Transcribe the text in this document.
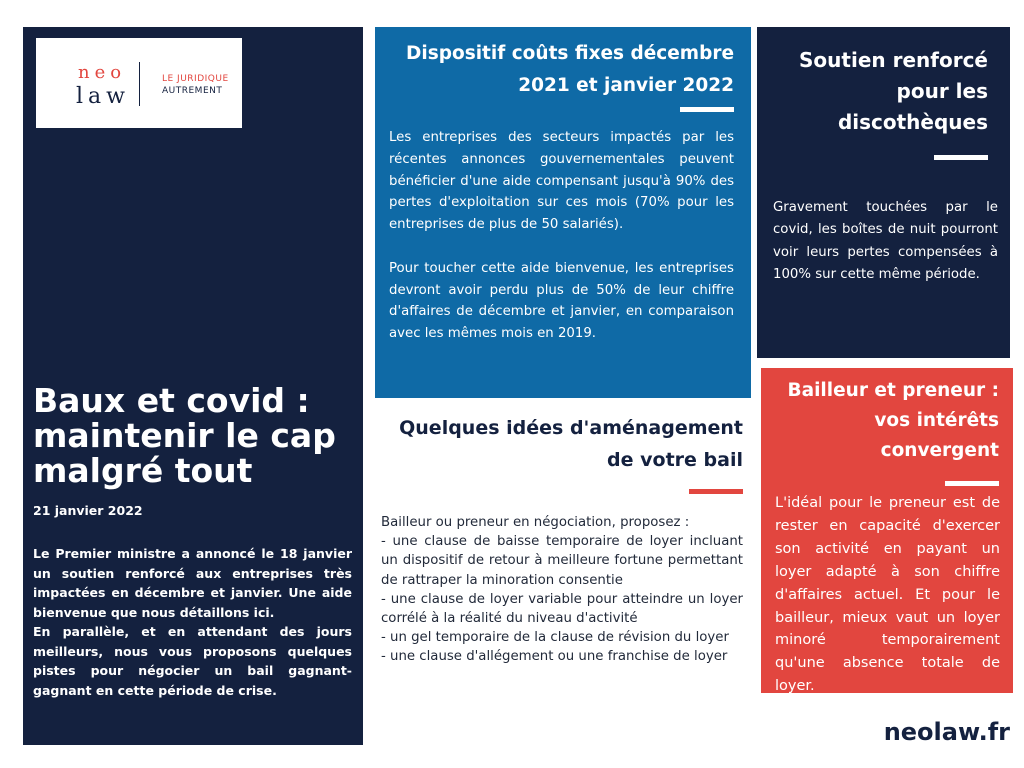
neo
law
LE JURIDIQUE
AUTREMENT
Baux et covid : maintenir le cap malgré tout
21 janvier 2022

Le Premier ministre a annoncé le 18 janvier un soutien renforcé aux entreprises très impactées en décembre et janvier. Une aide bienvenue que nous détaillons ici.

En parallèle, et en attendant des jours meilleurs, nous vous proposons quelques pistes pour négocier un bail gagnant-gagnant en cette période de crise.

Dispositif coûts fixes décembre 2021 et janvier 2022

Les entreprises des secteurs impactés par les récentes annonces gouvernementales peuvent bénéficier d'une aide compensant jusqu'à 90% des pertes d'exploitation sur ces mois (70% pour les entreprises de plus de 50 salariés).

Pour toucher cette aide bienvenue, les entreprises devront avoir perdu plus de 50% de leur chiffre d'affaires de décembre et janvier, en comparaison avec les mêmes mois en 2019.

Soutien renforcé pour les discothèques
Gravement touchées par le covid, les boîtes de nuit pourront voir leurs pertes compensées à 100% sur cette même période.
Bailleur et preneur : vos intérêts convergent
L'idéal pour le preneur est de rester en capacité d'exercer son activité en payant un loyer adapté à son chiffre d'affaires actuel. Et pour le bailleur, mieux vaut un loyer minoré temporairement qu'une absence totale de loyer.
Quelques idées d'aménagement de votre bail

Bailleur ou preneur en négociation, proposez :

- une clause de baisse temporaire de loyer incluant un dispositif de retour à meilleure fortune permettant de rattraper la minoration consentie

- une clause de loyer variable pour atteindre un loyer corrélé à la réalité du niveau d'activité

- un gel temporaire de la clause de révision du loyer

- une clause d'allégement ou une franchise de loyer

neolaw.fr
